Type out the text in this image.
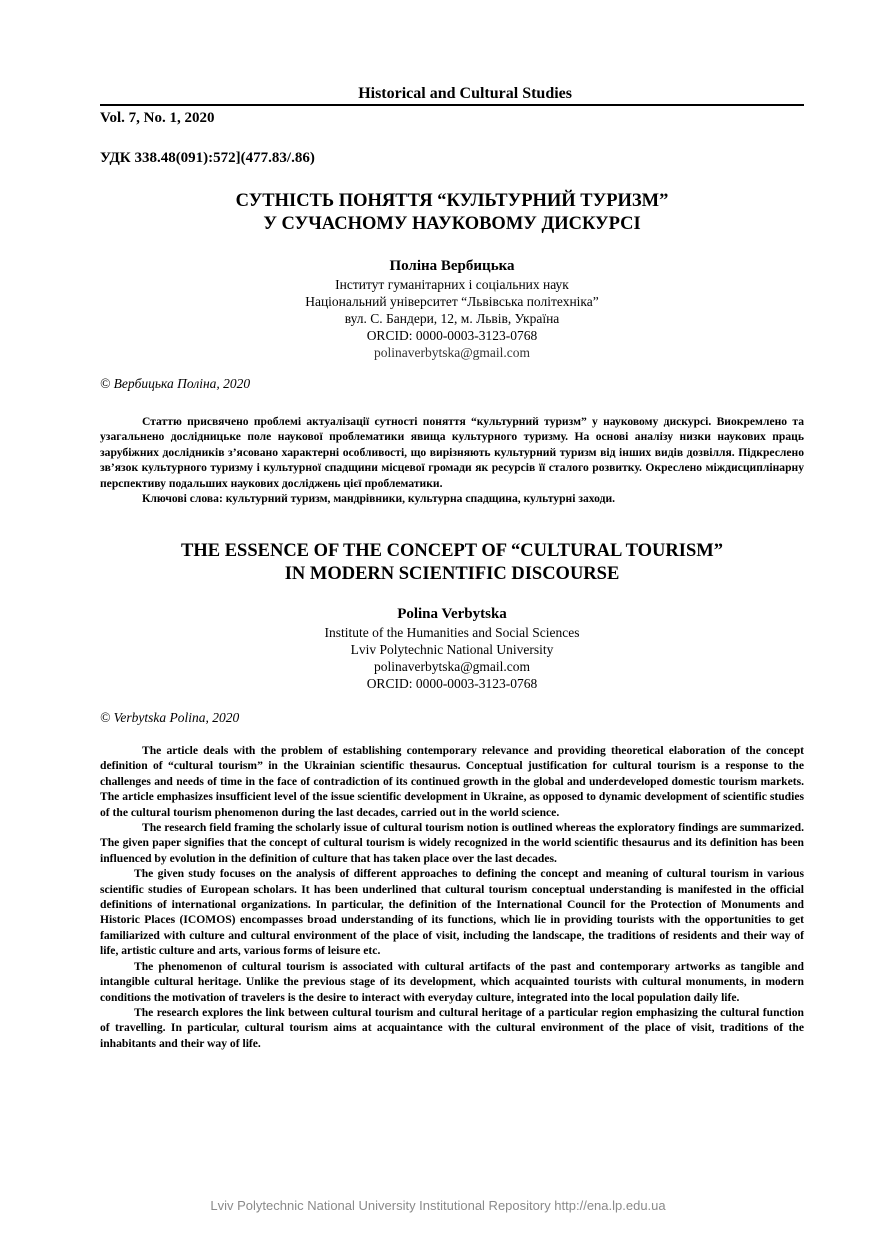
Historical and Cultural Studies
Vol. 7, No. 1, 2020
УДК 338.48(091):572](477.83/.86)
СУТНІСТЬ ПОНЯТТЯ “КУЛЬТУРНИЙ ТУРИЗМ”
У СУЧАСНОМУ НАУКОВОМУ ДИСКУРСІ
Поліна Вербицька
Інститут гуманітарних і соціальних наук
Національний університет “Львівська політехніка”
вул. С. Бандери, 12, м. Львів, Україна
ORCID: 0000-0003-3123-0768
polinaverbytska@gmail.com
© Вербицька Поліна, 2020

Статтю присвячено проблемі актуалізації сутності поняття “культурний туризм” у науковому дискурсі. Виокремлено та узагальнено дослідницьке поле наукової проблематики явища культурного туризму. На основі аналізу низки наукових праць зарубіжних дослідників з’ясовано характерні особливості, що вирізняють культурний туризм від інших видів дозвілля. Підкреслено зв’язок культурного туризму і культурної спадщини місцевої громади як ресурсів її сталого розвитку. Окреслено міждисциплінарну перспективу подальших наукових досліджень цієї проблематики.

Ключові слова: культурний туризм, мандрівники, культурна спадщина, культурні заходи.

THE ESSENCE OF THE CONCEPT OF “CULTURAL TOURISM”
IN MODERN SCIENTIFIC DISCOURSE
Polina Verbytska
Institute of the Humanities and Social Sciences
Lviv Polytechnic National University
polinaverbytska@gmail.com
ORCID: 0000-0003-3123-0768
© Verbytska Polina, 2020

The article deals with the problem of establishing contemporary relevance and providing theoretical elaboration of the concept definition of “cultural tourism” in the Ukrainian scientific thesaurus. Conceptual justification for cultural tourism is a response to the challenges and needs of time in the face of contradiction of its continued growth in the global and underdeveloped domestic tourism markets. The article emphasizes insufficient level of the issue scientific development in Ukraine, as opposed to dynamic development of scientific studies of the cultural tourism phenomenon during the last decades, carried out in the world science.

The research field framing the scholarly issue of cultural tourism notion is outlined whereas the exploratory findings are summarized. The given paper signifies that the concept of cultural tourism is widely recognized in the world scientific thesaurus and its definition has been influenced by evolution in the definition of culture that has taken place over the last decades.

The given study focuses on the analysis of different approaches to defining the concept and meaning of cultural tourism in various scientific studies of European scholars. It has been underlined that cultural tourism conceptual understanding is manifested in the official definitions of international organizations. In particular, the definition of the International Council for the Protection of Monuments and Historic Places (ICOMOS) encompasses broad understanding of its functions, which lie in providing tourists with the opportunities to get familiarized with culture and cultural environment of the place of visit, including the landscape, the traditions of residents and their way of life, artistic culture and arts, various forms of leisure etc.

The phenomenon of cultural tourism is associated with cultural artifacts of the past and contemporary artworks as tangible and intangible cultural heritage. Unlike the previous stage of its development, which acquainted tourists with cultural monuments, in modern conditions the motivation of travelers is the desire to interact with everyday culture, integrated into the local population daily life.

The research explores the link between cultural tourism and cultural heritage of a particular region emphasizing the cultural function of travelling. In particular, cultural tourism aims at acquaintance with the cultural environment of the place of visit, traditions of the inhabitants and their way of life.

Lviv Polytechnic National University Institutional Repository http://ena.lp.edu.ua
